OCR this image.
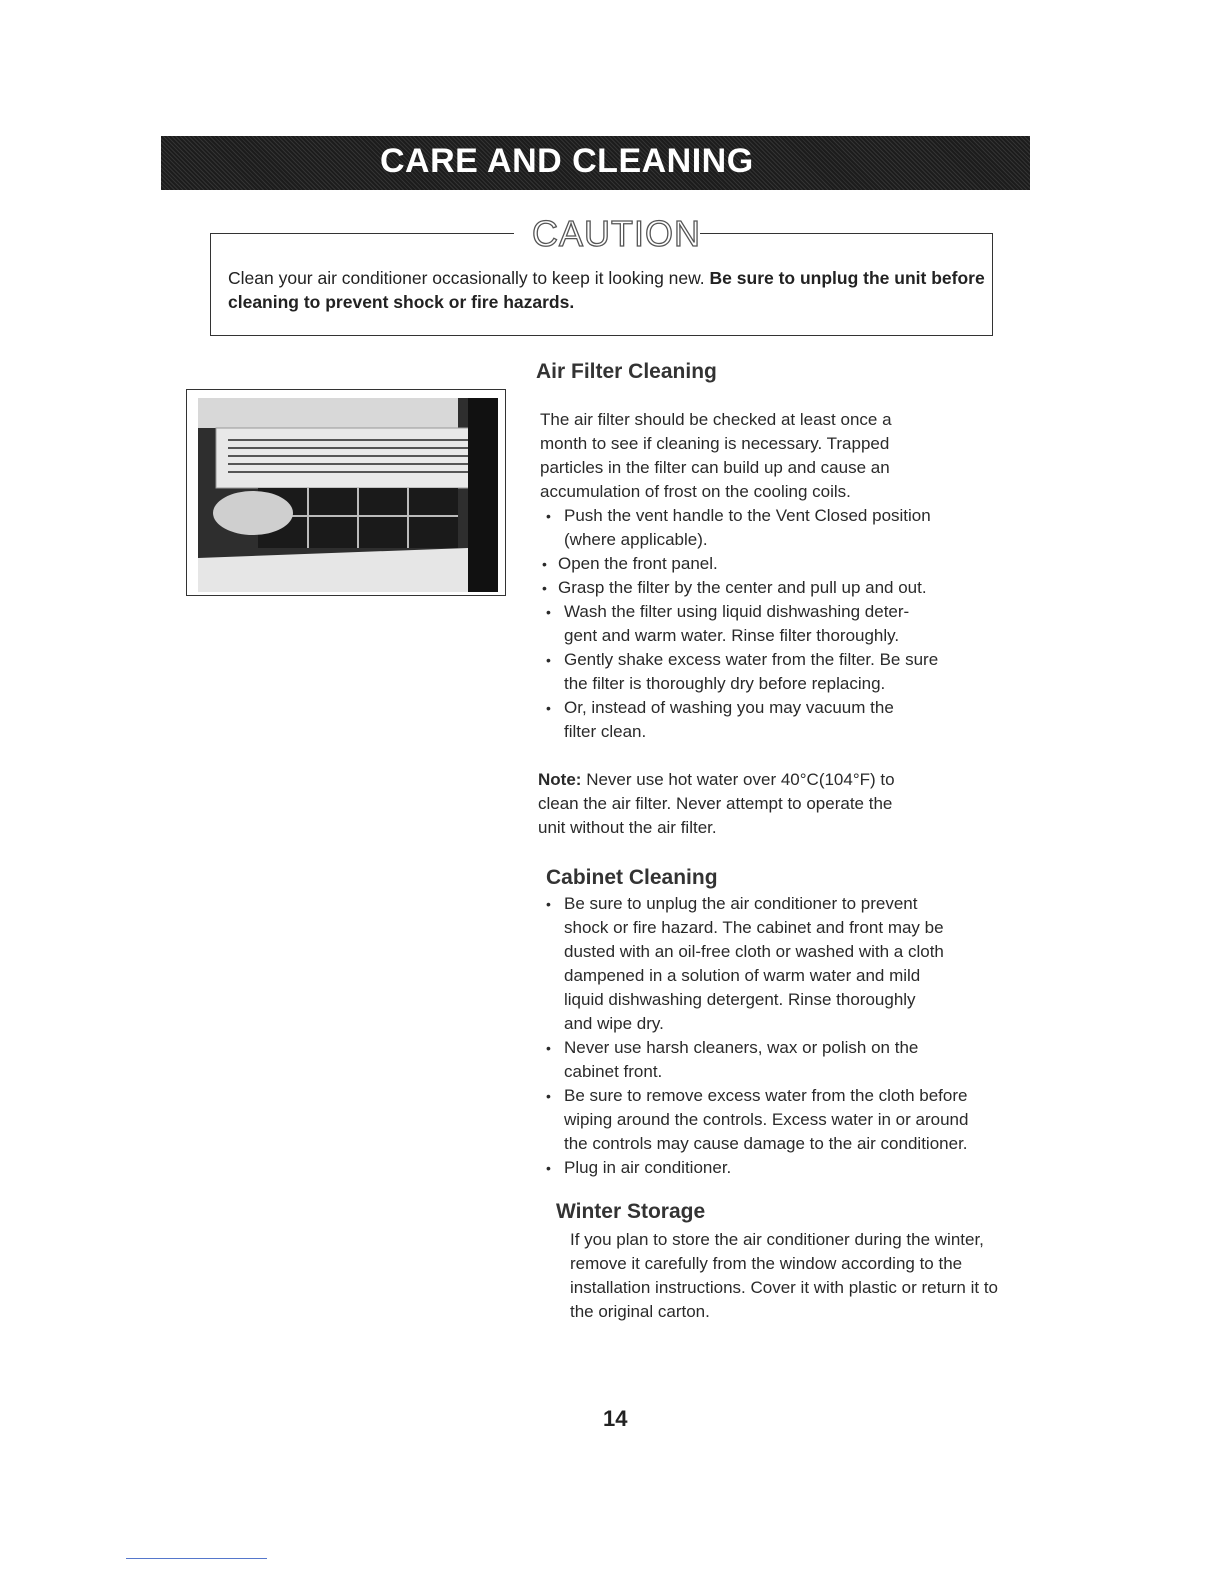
CARE AND CLEANING
CAUTION
Clean your air conditioner occasionally to keep it looking new. Be sure to unplug the unit before cleaning to prevent shock or fire hazards.
Air Filter Cleaning
The air filter should be checked at least once a month to see if cleaning is necessary. Trapped particles in the filter can build up and cause an accumulation of frost on the cooling coils.
• Push the vent handle to the Vent Closed position (where applicable).
• Open the front panel.
• Grasp the filter by the center and pull up and out.
• Wash the filter using liquid dishwashing deter-gent and warm water. Rinse filter thoroughly.
• Gently shake excess water from the filter. Be sure the filter is thoroughly dry before replacing.
• Or, instead of washing you may vacuum the filter clean.
Note: Never use hot water over 40°C(104°F) to clean the air filter. Never attempt to operate the unit without the air filter.
Cabinet Cleaning
• Be sure to unplug the air conditioner to prevent shock or fire hazard. The cabinet and front may be dusted with an oil-free cloth or washed with a cloth dampened in a solution of warm water and mild liquid dishwashing detergent. Rinse thoroughly and wipe dry.
• Never use harsh cleaners, wax or polish on the cabinet front.
• Be sure to remove excess water from the cloth before wiping around the controls. Excess water in or around the controls may cause damage to the air conditioner.
• Plug in air conditioner.
Winter Storage
If you plan to store the air conditioner during the winter, remove it carefully from the window according to the installation instructions. Cover it with plastic or return it to the original carton.
14
